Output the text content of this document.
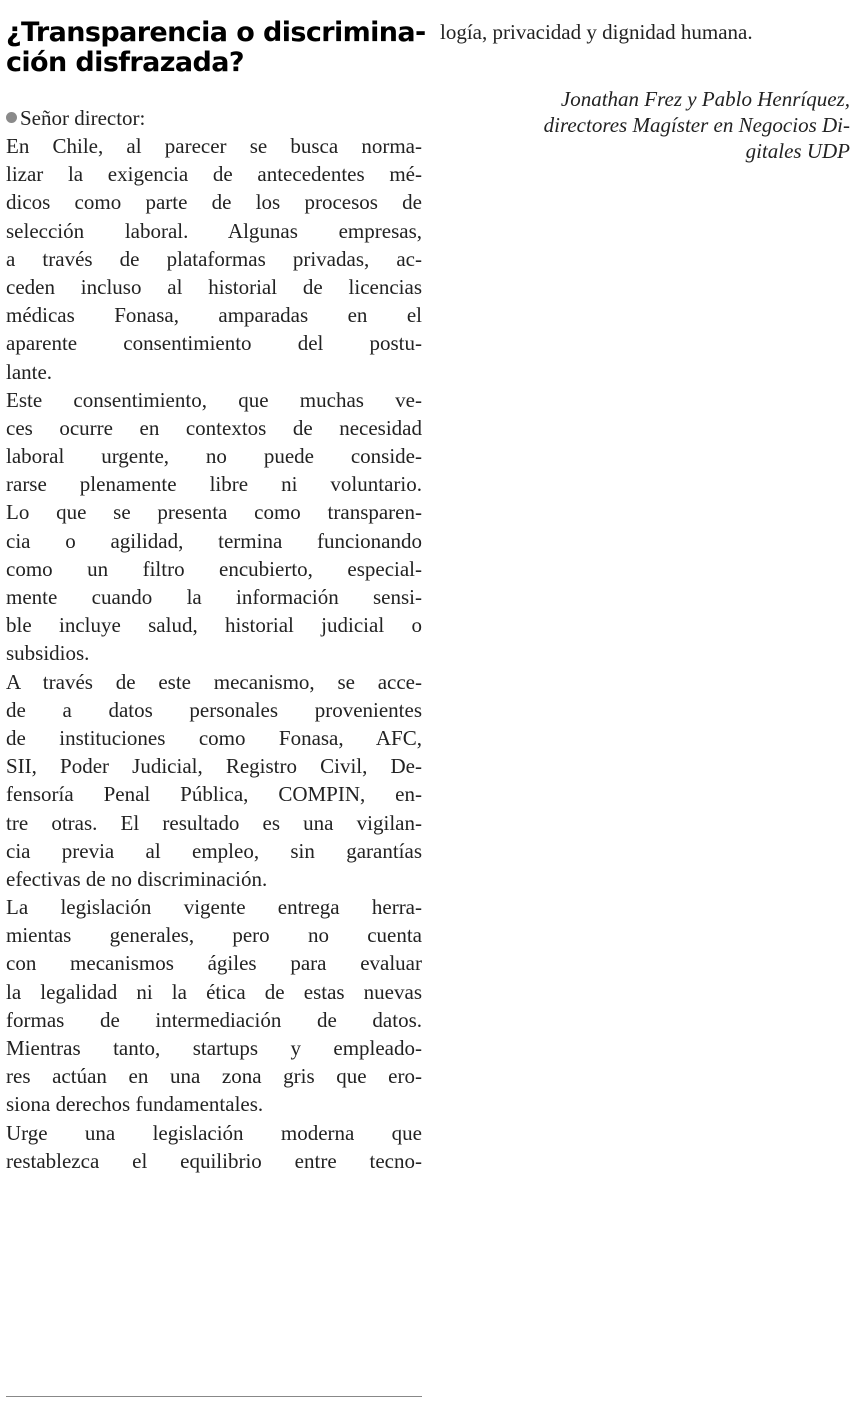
¿Transparencia o discrimina-
ción disfrazada?

Señor director:

En Chile, al parecer se busca norma-
lizar la exigencia de antecedentes mé-
dicos como parte de los procesos de
selección laboral. Algunas empresas,
a través de plataformas privadas, ac-
ceden incluso al historial de licencias
médicas Fonasa, amparadas en el
aparente consentimiento del postu-
lante.

Este consentimiento, que muchas ve-
ces ocurre en contextos de necesidad
laboral urgente, no puede conside-
rarse plenamente libre ni voluntario.
Lo que se presenta como transparen-
cia o agilidad, termina funcionando
como un filtro encubierto, especial-
mente cuando la información sensi-
ble incluye salud, historial judicial o
subsidios.

A través de este mecanismo, se acce-
de a datos personales provenientes
de instituciones como Fonasa, AFC,
SII, Poder Judicial, Registro Civil, De-
fensoría Penal Pública, COMPIN, en-
tre otras. El resultado es una vigilan-
cia previa al empleo, sin garantías
efectivas de no discriminación.

La legislación vigente entrega herra-
mientas generales, pero no cuenta
con mecanismos ágiles para evaluar
la legalidad ni la ética de estas nuevas
formas de intermediación de datos.
Mientras tanto, startups y empleado-
res actúan en una zona gris que ero-
siona derechos fundamentales.

Urge una legislación moderna que
restablezca el equilibrio entre tecno-

logía, privacidad y dignidad humana.
Jonathan Frez y Pablo Henríquez,
directores Magíster en Negocios Di-
gitales UDP
